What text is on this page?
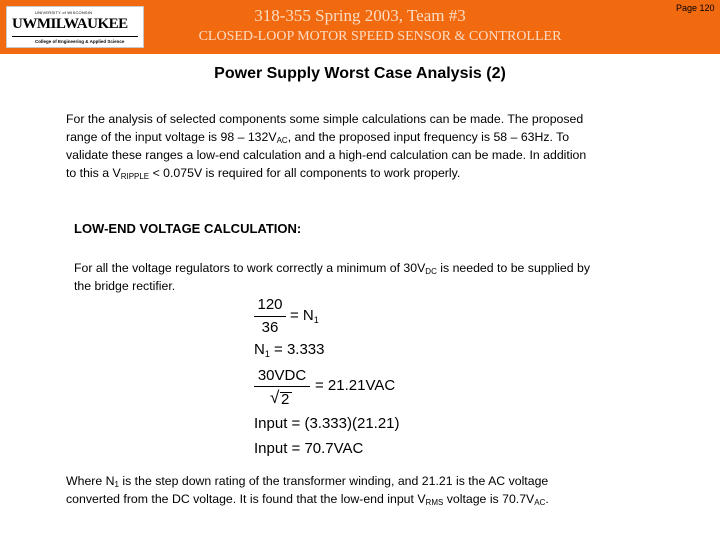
UNIVERSITY of WISCONSIN
UWMILWAUKEE
College of Engineering & Applied Science
318-355 Spring 2003, Team #3
CLOSED-LOOP MOTOR SPEED SENSOR & CONTROLLER
Page 120
Power Supply Worst Case Analysis (2)
For the analysis of selected components some simple calculations can be made. The proposed
range of the input voltage is $98 - 132V_{AC}$, and the proposed input frequency is 58 – 63Hz. To
validate these ranges a low-end calculation and a high-end calculation can be made. In addition
to this a $V_{RIPPLE} < 0.075V$ is required for all components to work properly.
LOW-END VOLTAGE CALCULATION:
For all the voltage regulators to work correctly a minimum of $30V_{DC}$ is needed to be supplied by
the bridge rectifier.
120
36
= $N_1$
$N_1 = 3.333$
30VDC
√ 2
= 21.21VAC
Input = (3.333)(21.21)
Input = 70.7VAC
Where $N_1$ is the step down rating of the transformer winding, and 21.21 is the AC voltage
converted from the DC voltage. It is found that the low-end input $V_{RMS}$ voltage is $70.7V_{AC}$.
